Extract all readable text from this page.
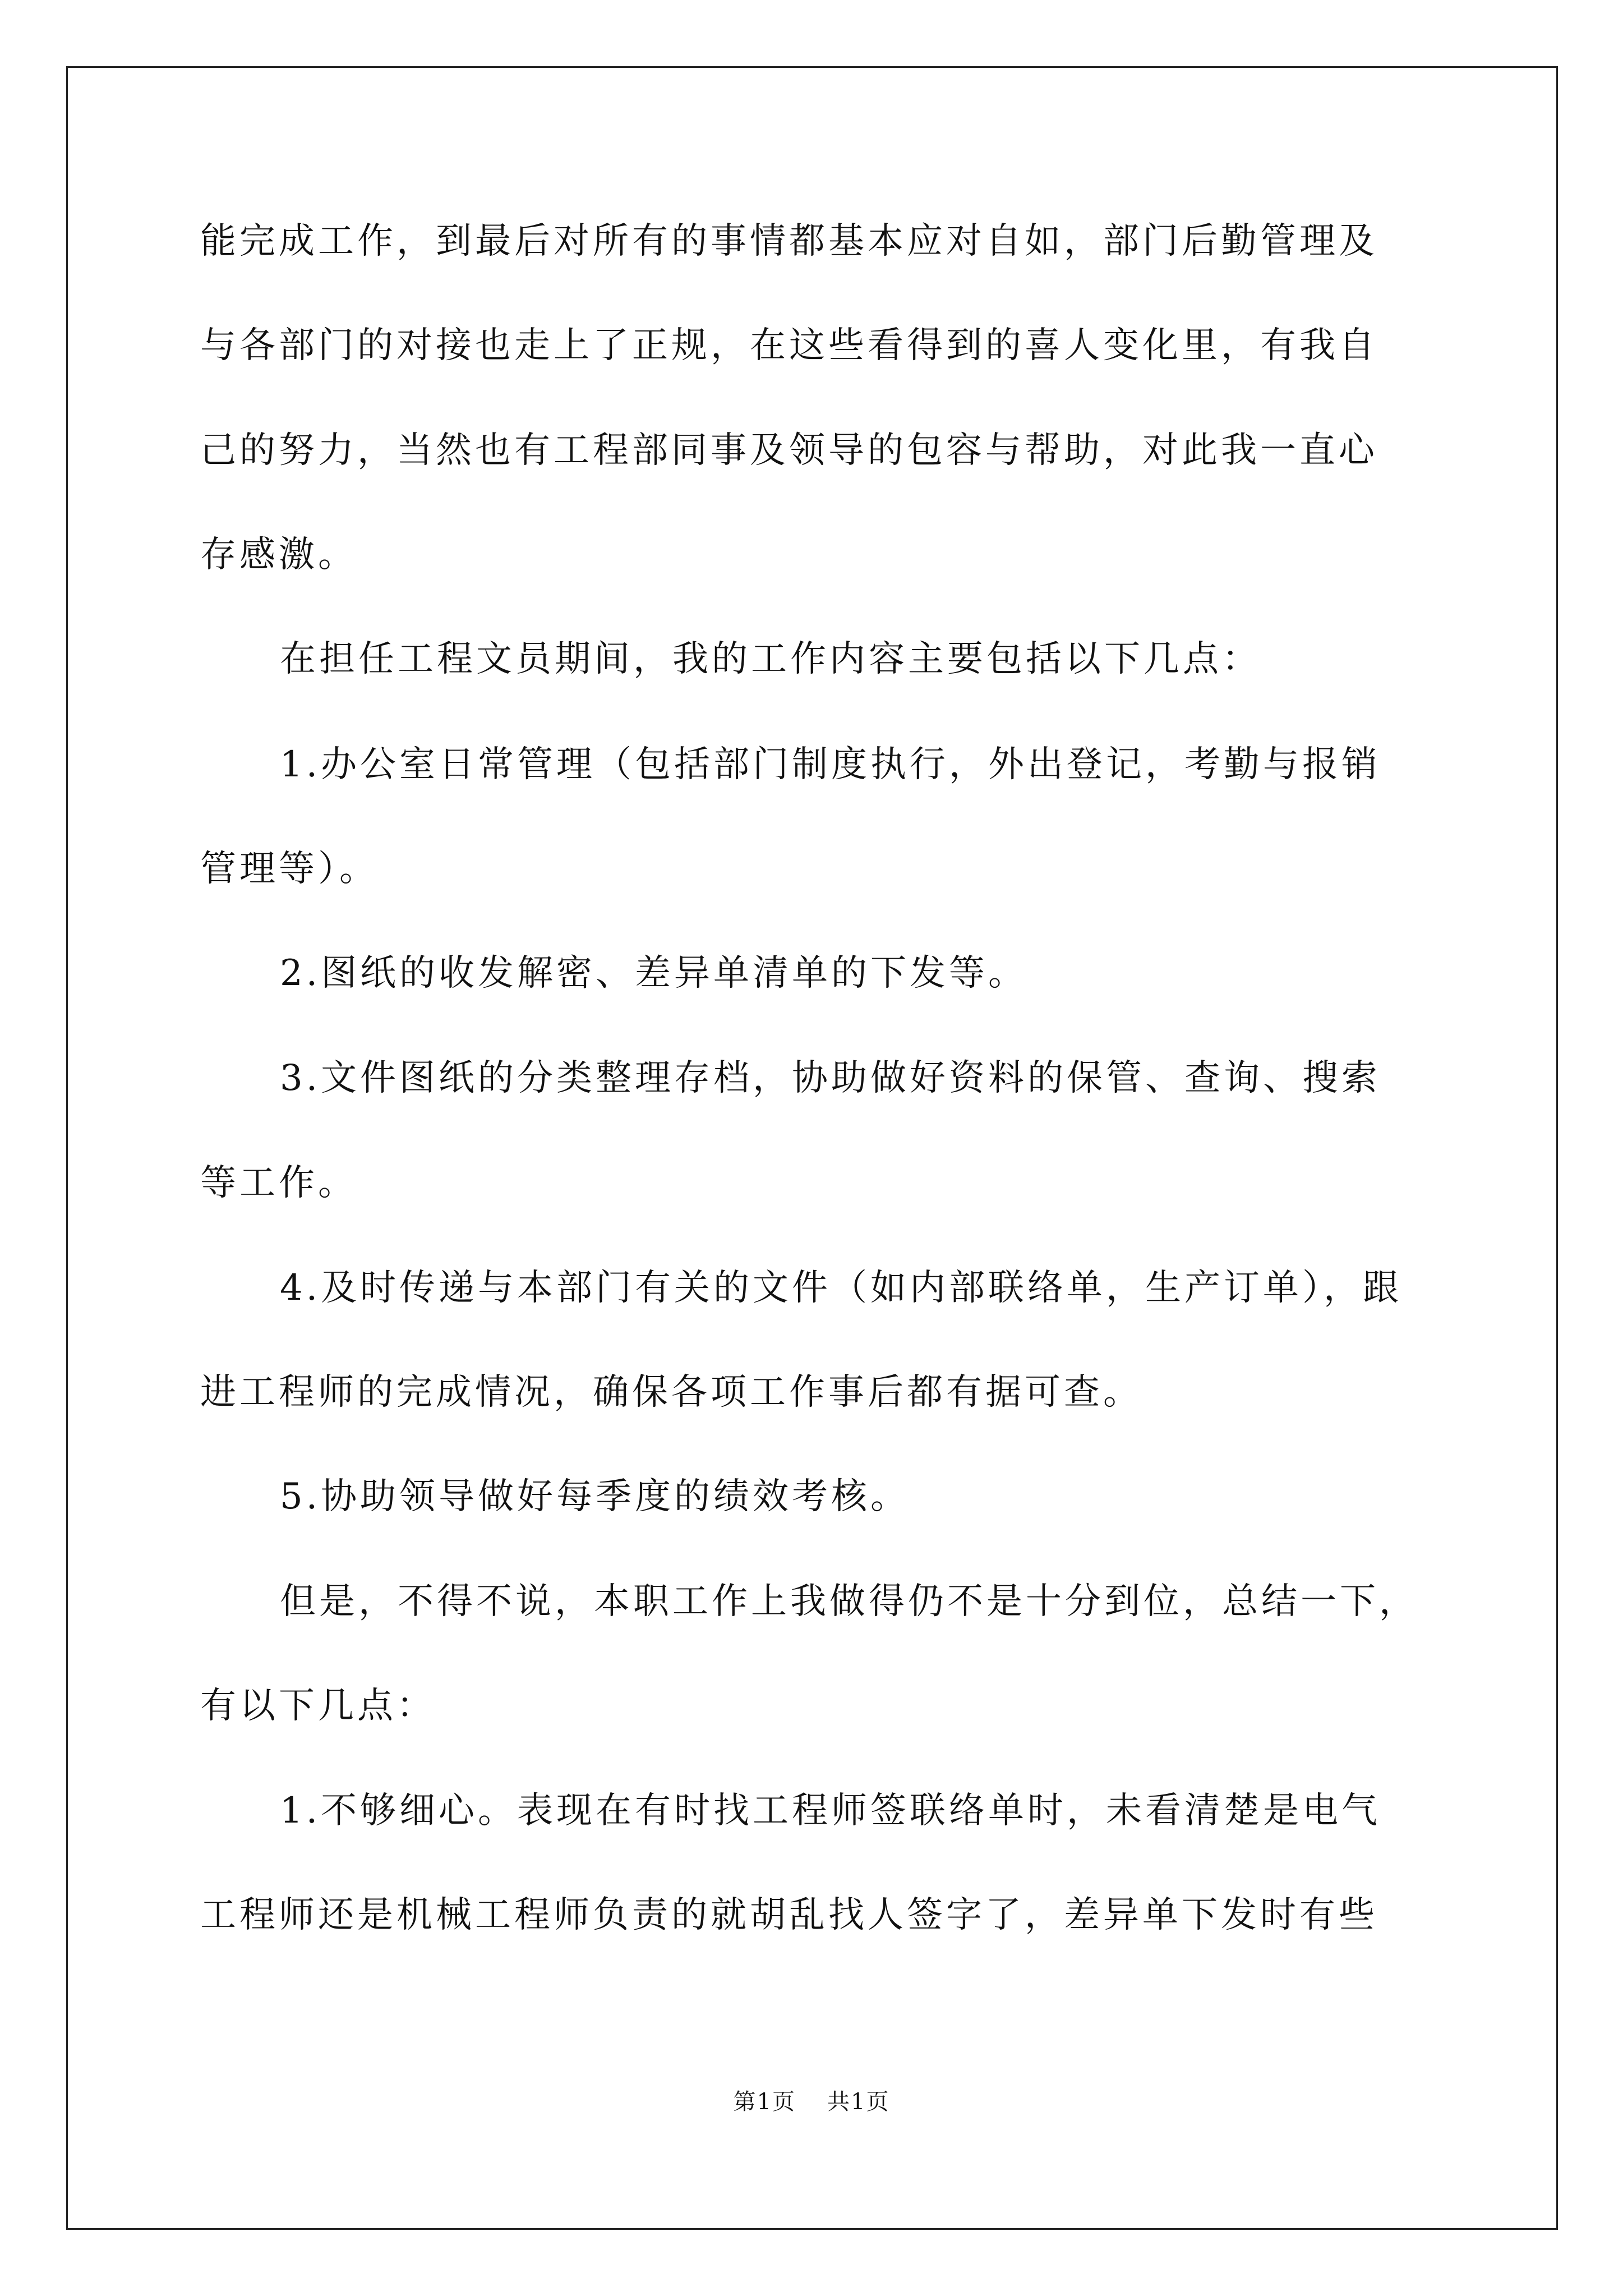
能完成工作，到最后对所有的事情都基本应对自如，部门后勤管理及
与各部门的对接也走上了正规，在这些看得到的喜人变化里，有我自
己的努力，当然也有工程部同事及领导的包容与帮助，对此我一直心
存感激。
在担任工程文员期间，我的工作内容主要包括以下几点：
1.办公室日常管理（包括部门制度执行，外出登记，考勤与报销
管理等）。
2.图纸的收发解密、差异单清单的下发等。
3.文件图纸的分类整理存档，协助做好资料的保管、查询、搜索
等工作。
4.及时传递与本部门有关的文件（如内部联络单，生产订单），跟
进工程师的完成情况，确保各项工作事后都有据可查。
5.协助领导做好每季度的绩效考核。
但是，不得不说，本职工作上我做得仍不是十分到位，总结一下，
有以下几点：
1.不够细心。表现在有时找工程师签联络单时，未看清楚是电气
工程师还是机械工程师负责的就胡乱找人签字了，差异单下发时有些
第1页 共1页
